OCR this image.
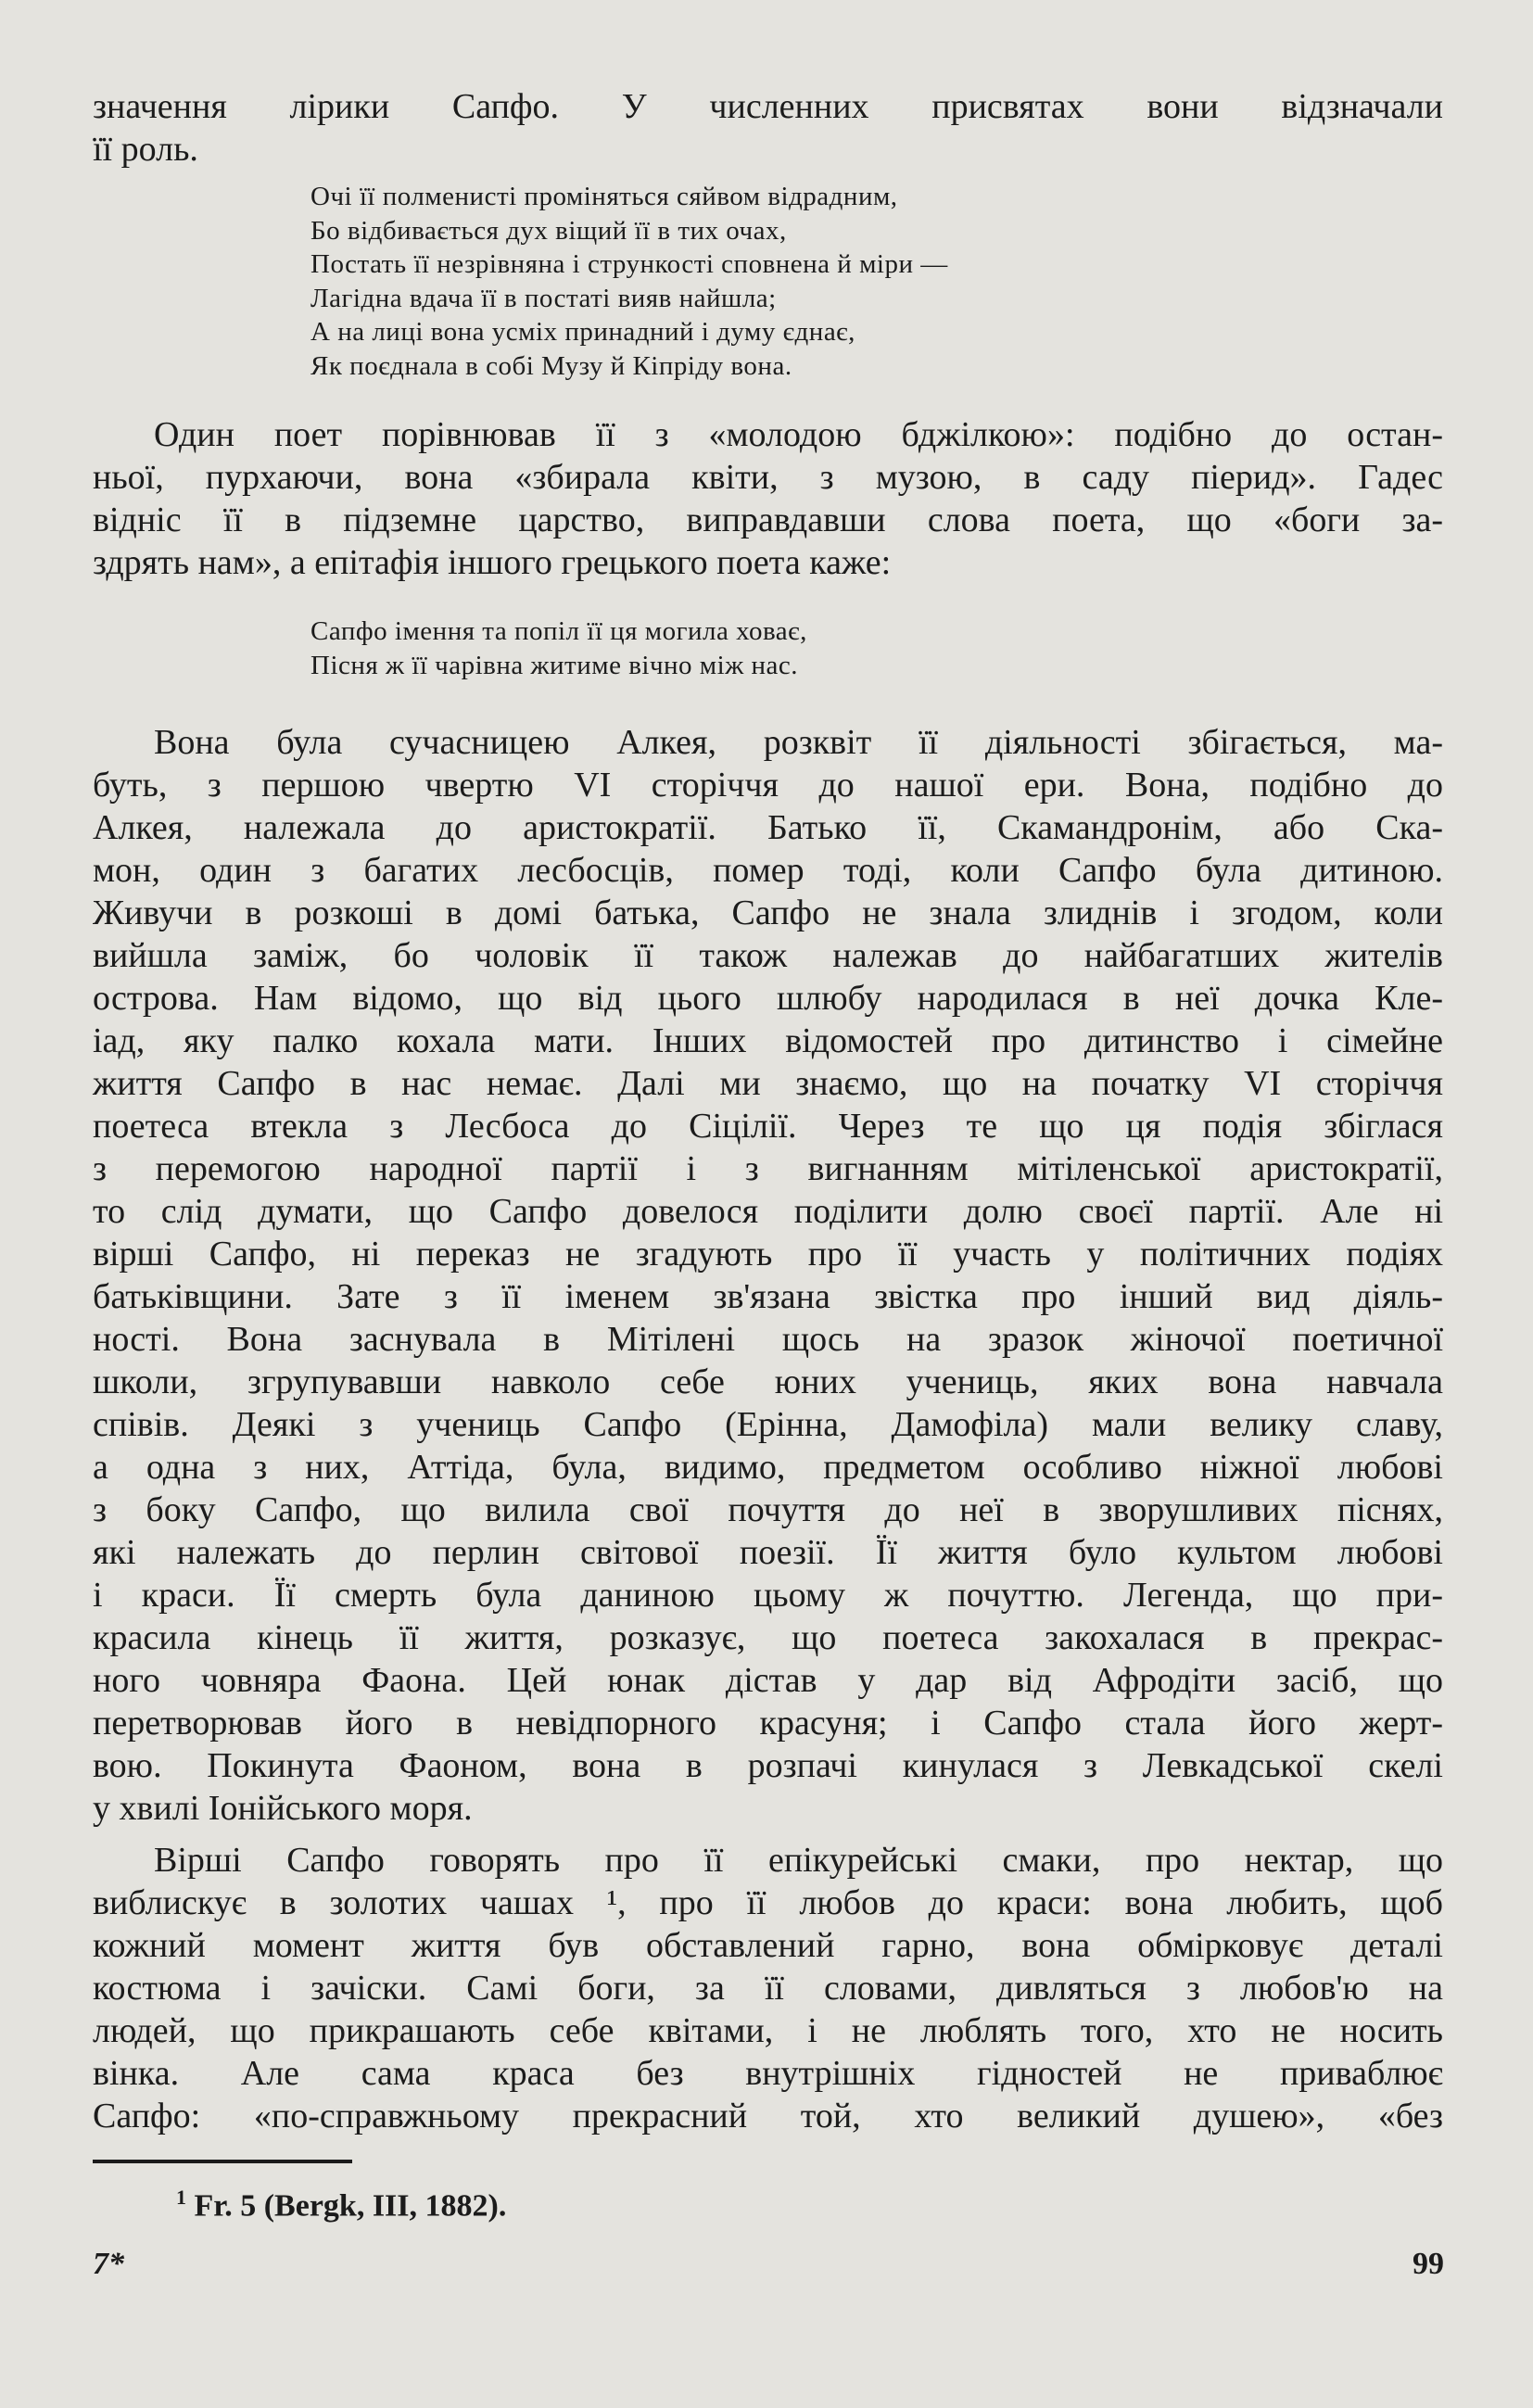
значення лірики Сапфо. У численних присвятах вони відзначали
її роль.
Очі її полменисті проміняться сяйвом відрадним,
Бо відбивається дух віщий її в тих очах,
Постать її незрівняна і стрункості сповнена й міри —
Лагідна вдача її в постаті вияв найшла;
А на лиці вона усміх принадний і думу єднає,
Як поєднала в собі Музу й Кіпріду вона.
Один поет порівнював її з «молодою бджілкою»: подібно до остан-
ньої, пурхаючи, вона «збирала квіти, з музою, в саду піерид». Гадес
відніс її в підземне царство, виправдавши слова поета, що «боги за-
здрять нам», а епітафія іншого грецького поета каже:
Сапфо імення та попіл її ця могила ховає,
Пісня ж її чарівна житиме вічно між нас.
Вона була сучасницею Алкея, розквіт її діяльності збігається, ма-
буть, з першою чвертю VI сторіччя до нашої ери. Вона, подібно до
Алкея, належала до аристократії. Батько її, Скамандронім, або Ска-
мон, один з багатих лесбосців, помер тоді, коли Сапфо була дитиною.
Живучи в розкоші в домі батька, Сапфо не знала злиднів і згодом, коли
вийшла заміж, бо чоловік її також належав до найбагатших жителів
острова. Нам відомо, що від цього шлюбу народилася в неї дочка Кле-
іад, яку палко кохала мати. Інших відомостей про дитинство і сімейне
життя Сапфо в нас немає. Далі ми знаємо, що на початку VI сторіччя
поетеса втекла з Лесбоса до Сіцілії. Через те що ця подія збіглася
з перемогою народної партії і з вигнанням мітіленської аристократії,
то слід думати, що Сапфо довелося поділити долю своєї партії. Але ні
вірші Сапфо, ні переказ не згадують про її участь у політичних подіях
батьківщини. Зате з її іменем зв'язана звістка про інший вид діяль-
ності. Вона заснувала в Мітілені щось на зразок жіночої поетичної
школи, згрупувавши навколо себе юних учениць, яких вона навчала
співів. Деякі з учениць Сапфо (Ерінна, Дамофіла) мали велику славу,
а одна з них, Аттіда, була, видимо, предметом особливо ніжної любові
з боку Сапфо, що вилила свої почуття до неї в зворушливих піснях,
які належать до перлин світової поезії. Її життя було культом любові
і краси. Її смерть була даниною цьому ж почуттю. Легенда, що при-
красила кінець її життя, розказує, що поетеса закохалася в прекрас-
ного човняра Фаона. Цей юнак дістав у дар від Афродіти засіб, що
перетворював його в невідпорного красуня; і Сапфо стала його жерт-
вою. Покинута Фаоном, вона в розпачі кинулася з Левкадської скелі
у хвилі Іонійського моря.
Вірші Сапфо говорять про її епікурейські смаки, про нектар, що
виблискує в золотих чашах ¹, про її любов до краси: вона любить, щоб
кожний момент життя був обставлений гарно, вона обмірковує деталі
костюма і зачіски. Самі боги, за її словами, дивляться з любов'ю на
людей, що прикрашають себе квітами, і не люблять того, хто не носить
вінка. Але сама краса без внутрішніх гідностей не приваблює
Сапфо: «по-справжньому прекрасний той, хто великий душею», «без
$^1$ Fr. 5 (Bergk, III, 1882).
7*	99
